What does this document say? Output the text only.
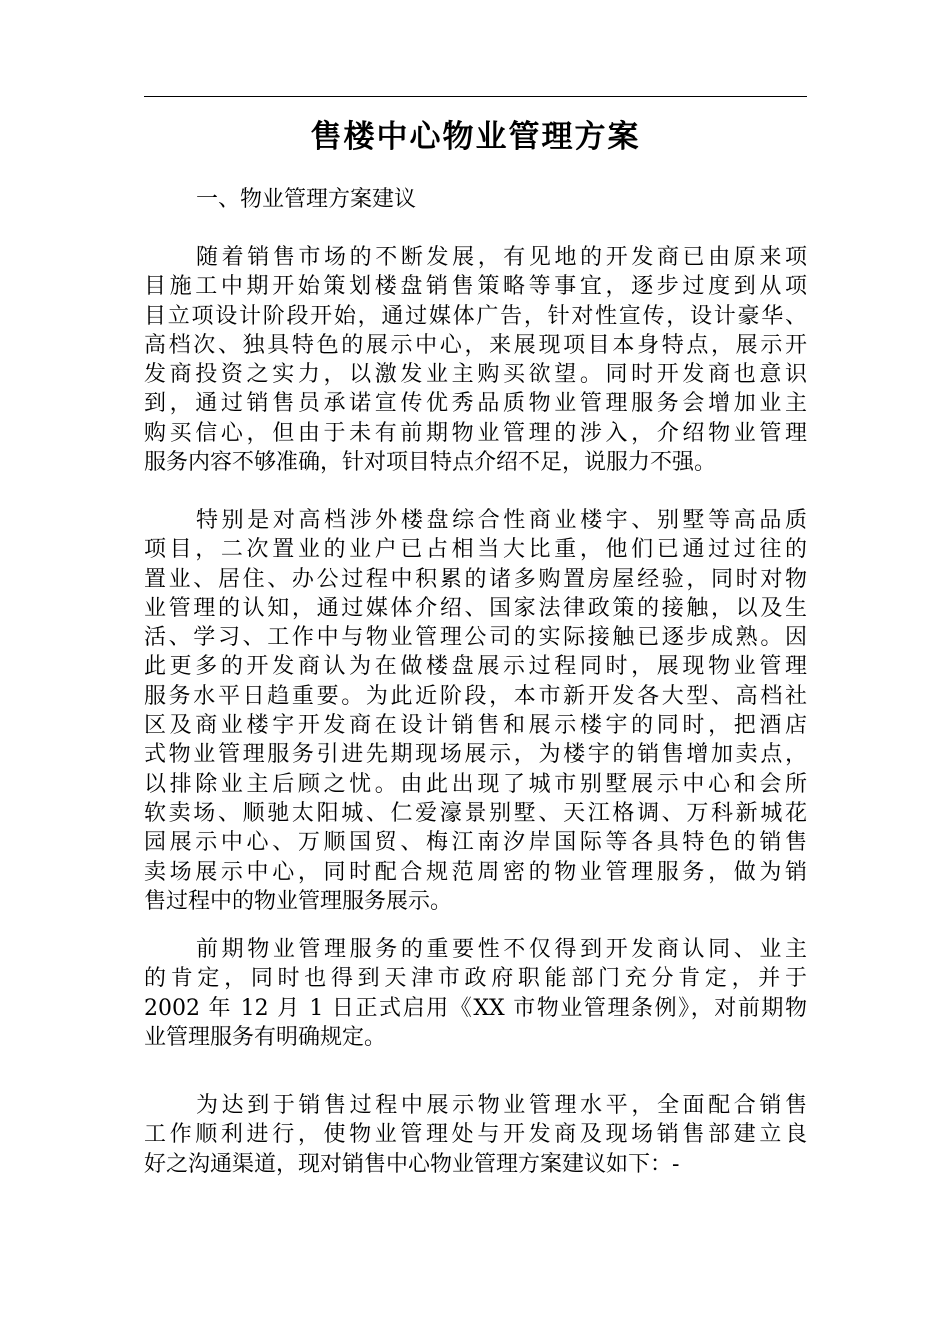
售楼中心物业管理方案

一、物业管理方案建议

随着销售市场的不断发展，有见地的开发商已由原来项
目施工中期开始策划楼盘销售策略等事宜，逐步过度到从项
目立项设计阶段开始，通过媒体广告，针对性宣传，设计豪华、
高档次、独具特色的展示中心，来展现项目本身特点，展示开
发商投资之实力，以激发业主购买欲望。同时开发商也意识
到，通过销售员承诺宣传优秀品质物业管理服务会增加业主
购买信心，但由于未有前期物业管理的涉入，介绍物业管理
服务内容不够准确，针对项目特点介绍不足，说服力不强。
特别是对高档涉外楼盘综合性商业楼宇、别墅等高品质
项目，二次置业的业户已占相当大比重，他们已通过过往的
置业、居住、办公过程中积累的诸多购置房屋经验，同时对物
业管理的认知，通过媒体介绍、国家法律政策的接触，以及生
活、学习、工作中与物业管理公司的实际接触已逐步成熟。因
此更多的开发商认为在做楼盘展示过程同时，展现物业管理
服务水平日趋重要。为此近阶段，本市新开发各大型、高档社
区及商业楼宇开发商在设计销售和展示楼宇的同时，把酒店
式物业管理服务引进先期现场展示，为楼宇的销售增加卖点，
以排除业主后顾之忧。由此出现了城市别墅展示中心和会所
软卖场、顺驰太阳城、仁爱濠景别墅、天江格调、万科新城花
园展示中心、万顺国贸、梅江南汐岸国际等各具特色的销售
卖场展示中心，同时配合规范周密的物业管理服务，做为销
售过程中的物业管理服务展示。
前期物业管理服务的重要性不仅得到开发商认同、业主
的肯定，同时也得到天津市政府职能部门充分肯定，并于
2002 年 12 月 1 日正式启用《XX 市物业管理条例》，对前期物
业管理服务有明确规定。
为达到于销售过程中展示物业管理水平，全面配合销售
工作顺利进行，使物业管理处与开发商及现场销售部建立良
好之沟通渠道，现对销售中心物业管理方案建议如下：-
